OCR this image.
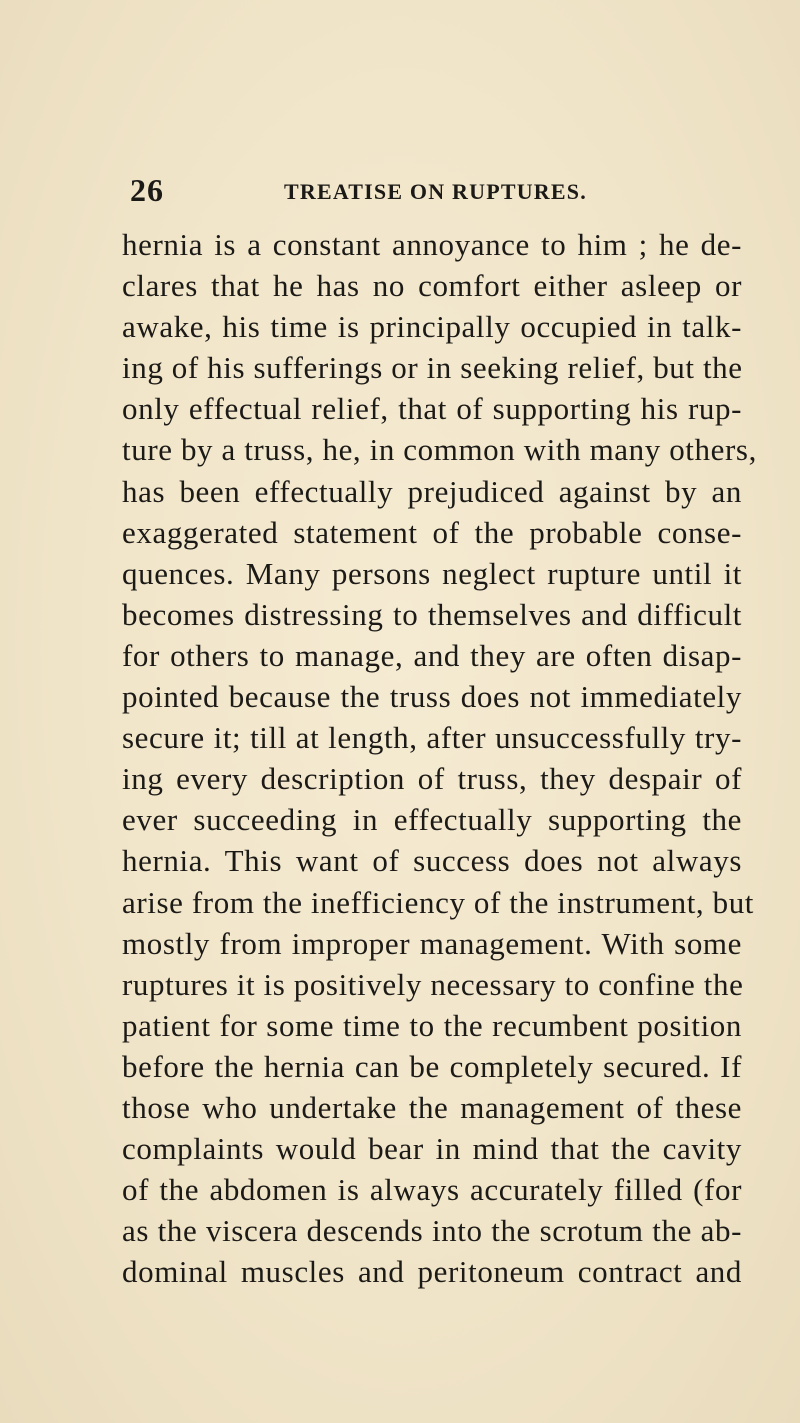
26	TREATISE ON RUPTURES.
hernia is a constant annoyance to him ; he de-
clares that he has no comfort either asleep or
awake, his time is principally occupied in talk-
ing of his sufferings or in seeking relief, but the
only effectual relief, that of supporting his rup-
ture by a truss, he, in common with many others,
has been effectually prejudiced against by an
exaggerated statement of the probable conse-
quences. Many persons neglect rupture until it
becomes distressing to themselves and difficult
for others to manage, and they are often disap-
pointed because the truss does not immediately
secure it; till at length, after unsuccessfully try-
ing every description of truss, they despair of
ever succeeding in effectually supporting the
hernia. This want of success does not always
arise from the inefficiency of the instrument, but
mostly from improper management. With some
ruptures it is positively necessary to confine the
patient for some time to the recumbent position
before the hernia can be completely secured. If
those who undertake the management of these
complaints would bear in mind that the cavity
of the abdomen is always accurately filled (for
as the viscera descends into the scrotum the ab-
dominal muscles and peritoneum contract and
